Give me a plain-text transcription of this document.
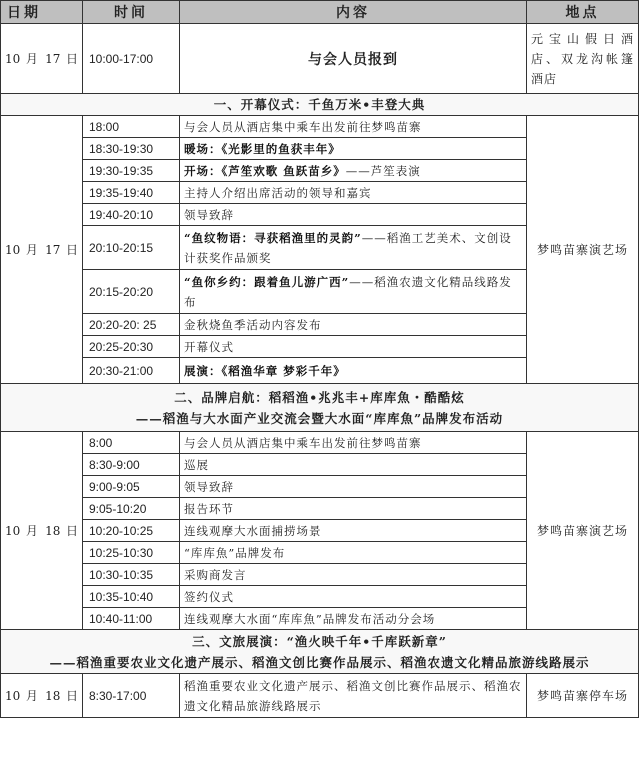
日期	时间	内容	地点
10 月 17 日	10:00-17:00	与会人员报到	元宝山假日酒店、双龙沟帐篷酒店
一、开幕仪式：千鱼万米•丰登大典			
10 月 17 日	18:00	与会人员从酒店集中乘车出发前往梦鸣苗寨	梦鸣苗寨演艺场
	18:30-19:30	暖场：《光影里的鱼获丰年》	
	19:30-19:35	开场：《芦笙欢歌 鱼跃苗乡》——芦笙表演	
	19:35-19:40	主持人介绍出席活动的领导和嘉宾	
	19:40-20:10	领导致辞	
	20:10-20:15	“鱼纹物语：寻获稻渔里的灵韵”——稻渔工艺美术、文创设计获奖作品颁奖	
	20:15-20:20	“鱼你乡约：跟着鱼儿游广西”——稻渔农遗文化精品线路发布	
	20:20-20: 25	金秋烧鱼季活动内容发布	
	20:25-20:30	开幕仪式	
	20:30-21:00	展演：《稻渔华章 梦彩千年》	

二、品牌启航：稻稻渔•兆兆丰+库库魚・酷酷炫
——稻渔与大水面产业交流会暨大水面“库库魚”品牌发布活动			

10 月 18 日	8:00	与会人员从酒店集中乘车出发前往梦鸣苗寨	梦鸣苗寨演艺场
	8:30-9:00	巡展	
	9:00-9:05	领导致辞	
	9:05-10:20	报告环节	
	10:20-10:25	连线观摩大水面捕捞场景	
	10:25-10:30	“库库魚”品牌发布	
	10:30-10:35	采购商发言	
	10:35-10:40	签约仪式	
	10:40-11:00	连线观摩大水面“库库魚”品牌发布活动分会场	

三、文旅展演：“渔火映千年•千库跃新章”
——稻渔重要农业文化遗产展示、稻渔文创比赛作品展示、稻渔农遗文化精品旅游线路展示			

10 月 18 日	8:30-17:00	稻渔重要农业文化遗产展示、稻渔文创比赛作品展示、稻渔农遗文化精品旅游线路展示	梦鸣苗寨停车场
